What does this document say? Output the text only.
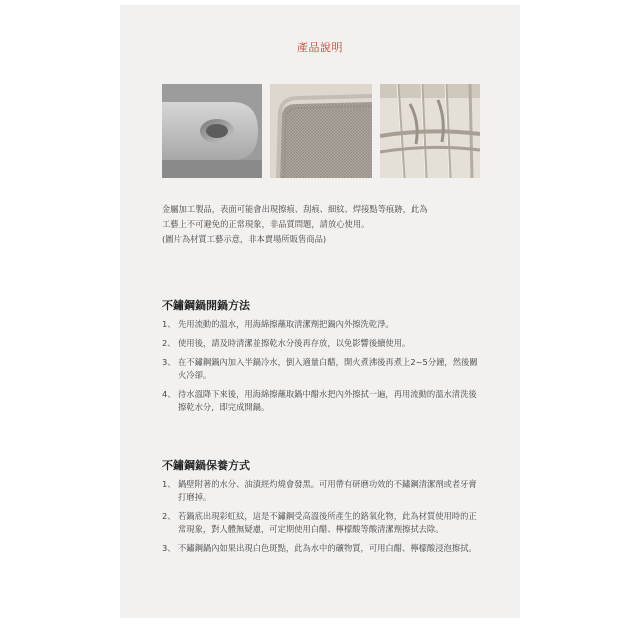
產品說明

金屬加工製品，表面可能會出現擦痕、刮痕、細紋、焊接點等痕跡，此為

工藝上不可避免的正常現象，非品質問題，請放心使用。

(圖片為材質工藝示意，非本賣場所販售商品)

不鏽鋼鍋開鍋方法
1、 先用流動的溫水，用海綿擦蘸取清潔劑把鍋內外擦洗乾淨。
2、 使用後，請及時清潔並擦乾水分後再存放，以免影響後續使用。
3、 在不鏽鋼鍋內加入半鍋冷水，倒入適量白醋，開火煮沸後再煮上2~5分鐘，然後關火冷卻。
4、 待水溫降下來後，用海綿擦蘸取鍋中醋水把內外擦拭一遍，再用流動的溫水清洗後擦乾水分，即完成開鍋。
不鏽鋼鍋保養方式
1、 鍋壁附著的水分、油漬經灼燒會發黑。可用帶有研磨功效的不鏽鋼清潔劑或者牙膏打磨掉。
2、 若鍋底出現彩虹紋，這是不鏽鋼受高溫後所產生的鉻氧化物，此為材質使用時的正常現象，對人體無疑慮，可定期使用白醋、檸檬酸等酸清潔劑擦拭去除。
3、 不鏽鋼鍋內如果出現白色斑點，此為水中的礦物質，可用白醋、檸檬酸浸泡擦拭。
